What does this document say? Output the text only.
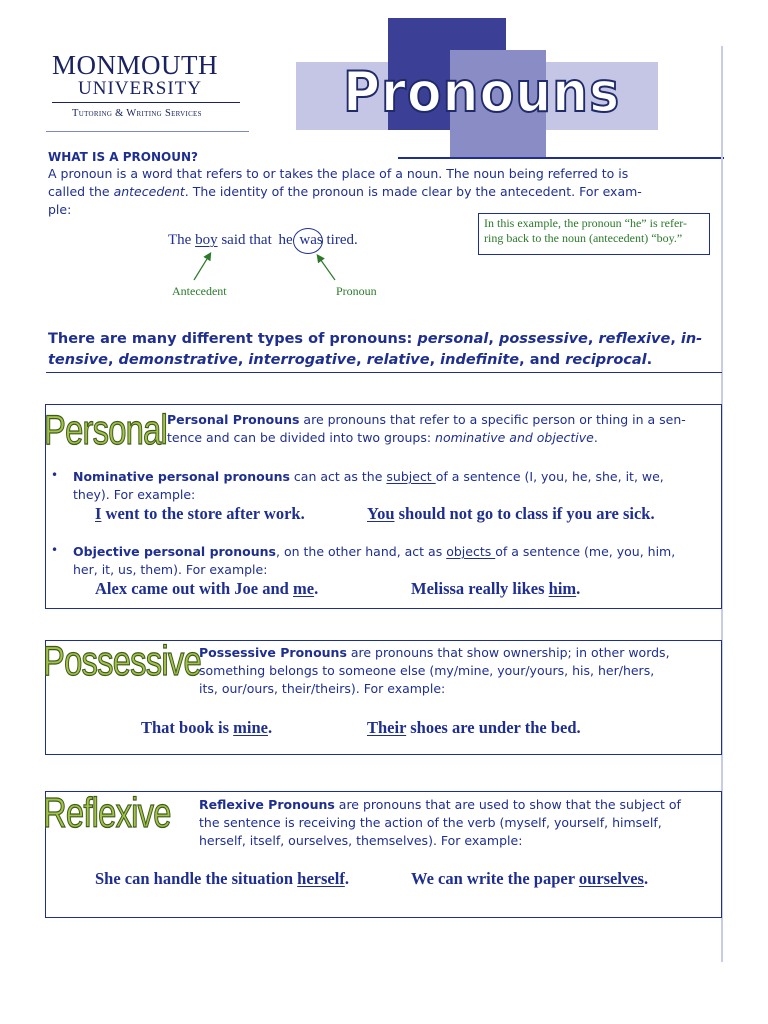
MONMOUTH
UNIVERSITY
Tutoring & Writing Services	Pronouns
WHAT IS A PRONOUN?
A pronoun is a word that refers to or takes the place of a noun. The noun being referred to is
called the antecedent. The identity of the pronoun is made clear by the antecedent. For exam-
ple:
The boy said that he was tired.
Antecedent	Pronoun
In this example, the pronoun “he” is refer-
ring back to the noun (antecedent) “boy.”
There are many different types of pronouns: personal, possessive, reflexive, in-
tensive, demonstrative, interrogative, relative, indefinite, and reciprocal.
Personal Personal Pronouns are pronouns that refer to a specific person or thing in a sen-
tence and can be divided into two groups: nominative and objective.
• Nominative personal pronouns can act as the subject of a sentence (I, you, he, she, it, we,
they). For example:
I went to the store after work.	You should not go to class if you are sick.
• Objective personal pronouns, on the other hand, act as objects of a sentence (me, you, him,
her, it, us, them). For example:
Alex came out with Joe and me.	Melissa really likes him.
Possessive
Possessive Pronouns are pronouns that show ownership; in other words,
something belongs to someone else (my/mine, your/yours, his, her/hers,
its, our/ours, their/theirs). For example:
That book is mine.	Their shoes are under the bed.
Reflexive Reflexive Pronouns are pronouns that are used to show that the subject of
the sentence is receiving the action of the verb (myself, yourself, himself,
herself, itself, ourselves, themselves). For example:
She can handle the situation herself.	We can write the paper ourselves.
